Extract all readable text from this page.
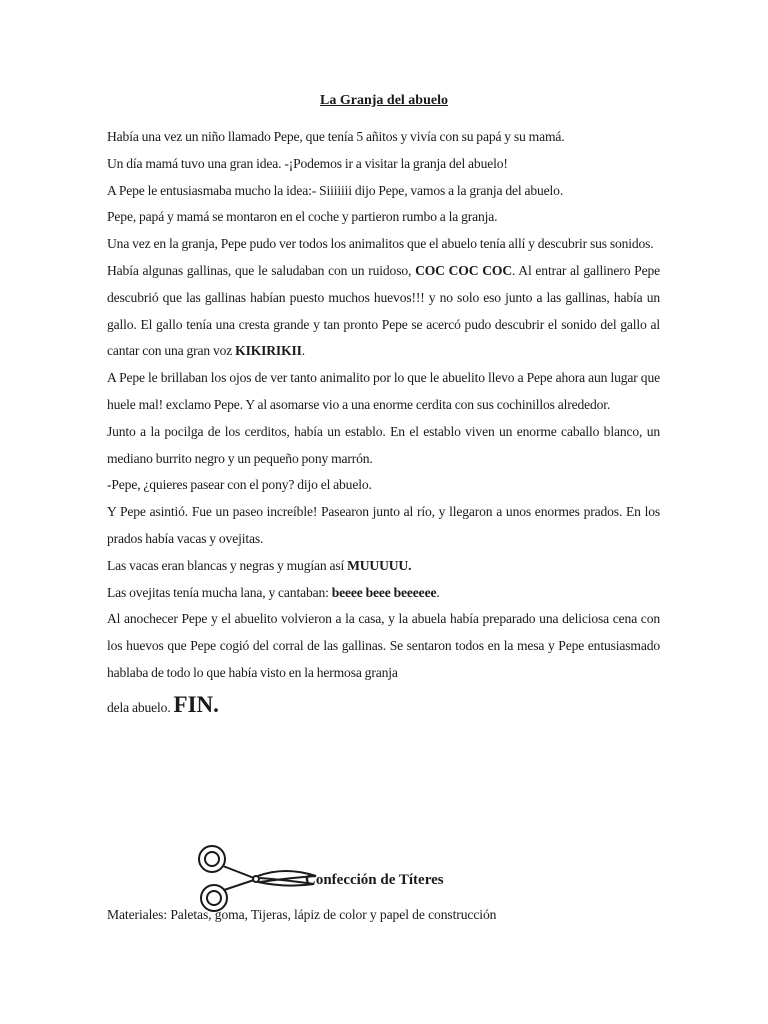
La Granja del abuelo

Había una vez un niño llamado Pepe, que tenía 5 añitos y vivía con su papá y su mamá.

Un día mamá tuvo una gran idea. -¡Podemos ir a visitar la granja del abuelo!

A Pepe le entusiasmaba mucho la idea:- Siiiiiii dijo Pepe, vamos a la granja del abuelo.

Pepe, papá y mamá se montaron en el coche y partieron rumbo a la granja.

Una vez en la granja, Pepe pudo ver todos los animalitos que el abuelo tenía allí y descubrir sus sonidos.

Había algunas gallinas, que le saludaban con un ruidoso, COC COC COC. Al entrar al gallinero Pepe descubrió que las gallinas habían puesto muchos huevos!!! y no solo eso junto a las gallinas, había un gallo. El gallo tenía una cresta grande y tan pronto Pepe se acercó pudo descubrir el sonido del gallo al cantar con una gran voz KIKIRIKII.

A Pepe le brillaban los ojos de ver tanto animalito por lo que le abuelito llevo a Pepe ahora aun lugar que huele mal! exclamo Pepe. Y al asomarse vio a una enorme cerdita con sus cochinillos alrededor.

Junto a la pocilga de los cerditos, había un establo. En el establo viven un enorme caballo blanco, un mediano burrito negro y un pequeño pony marrón.

-Pepe, ¿quieres pasear con el pony? dijo el abuelo.

Y Pepe asintió. Fue un paseo increíble! Pasearon junto al río, y llegaron a unos enormes prados. En los prados había vacas y ovejitas.

Las vacas eran blancas y negras y mugían así MUUUUU.

Las ovejitas tenía mucha lana, y cantaban: beeee beee beeeeee.

Al anochecer Pepe y el abuelito volvieron a la casa, y la abuela había preparado una deliciosa cena con los huevos que Pepe cogió del corral de las gallinas. Se sentaron todos en la mesa y Pepe entusiasmado hablaba de todo lo que había visto en la hermosa granja

dela abuelo. FIN.

Confección de Títeres
Materiales: Paletas, goma, Tijeras, lápiz de color y papel de construcción
